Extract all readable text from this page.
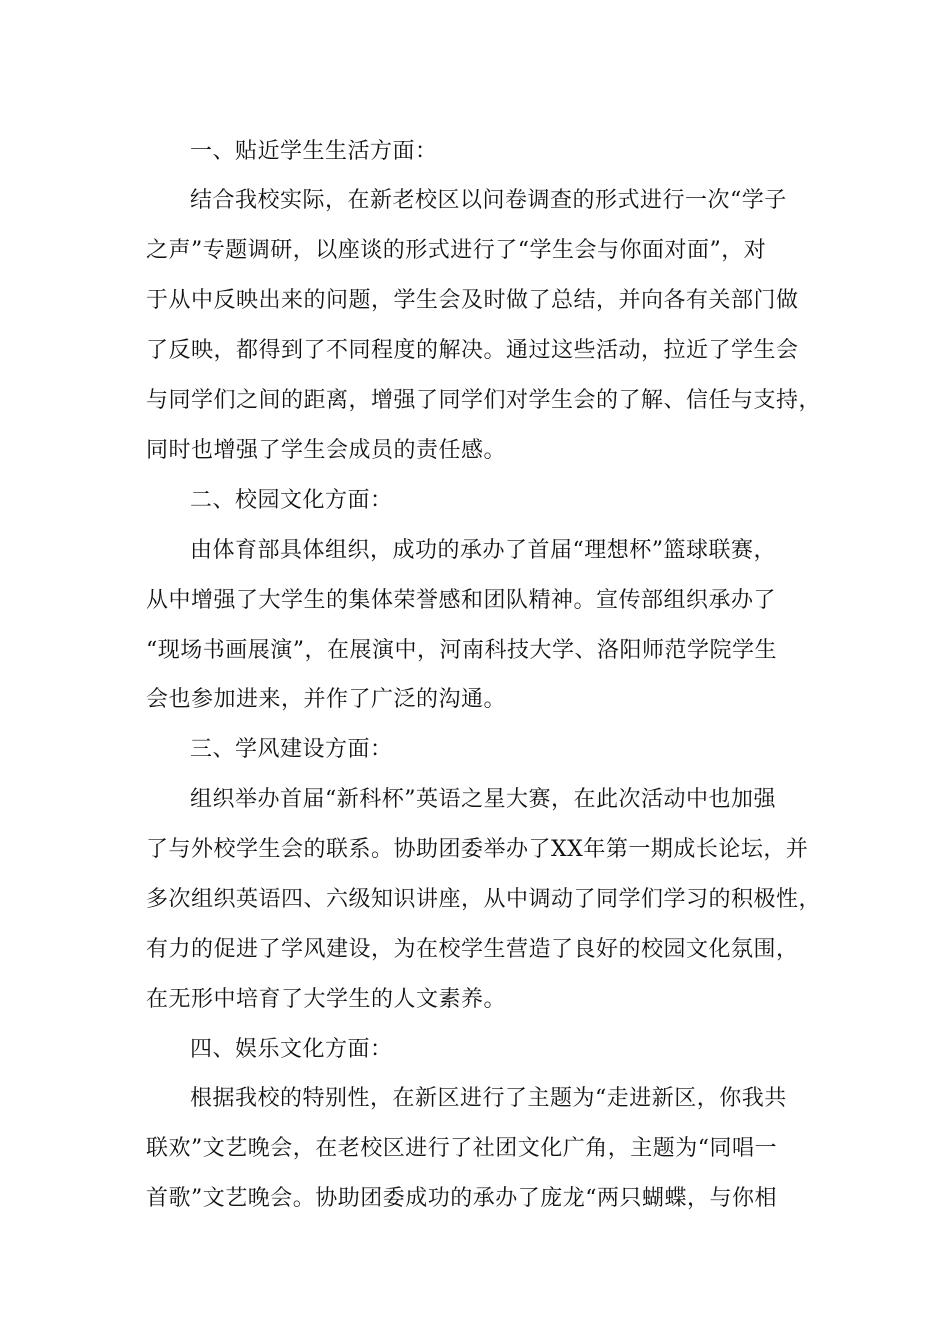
一、贴近学生生活方面：
结合我校实际，在新老校区以问卷调查的形式进行一次“学子
之声”专题调研，以座谈的形式进行了“学生会与你面对面”，对
于从中反映出来的问题，学生会及时做了总结，并向各有关部门做
了反映，都得到了不同程度的解决。通过这些活动，拉近了学生会
与同学们之间的距离，增强了同学们对学生会的了解、信任与支持，
同时也增强了学生会成员的责任感。
二、校园文化方面：
由体育部具体组织，成功的承办了首届“理想杯”篮球联赛，
从中增强了大学生的集体荣誉感和团队精神。宣传部组织承办了
“现场书画展演”，在展演中，河南科技大学、洛阳师范学院学生
会也参加进来，并作了广泛的沟通。
三、学风建设方面：
组织举办首届“新科杯”英语之星大赛，在此次活动中也加强
了与外校学生会的联系。协助团委举办了XX年第一期成长论坛，并
多次组织英语四、六级知识讲座，从中调动了同学们学习的积极性，
有力的促进了学风建设，为在校学生营造了良好的校园文化氛围，
在无形中培育了大学生的人文素养。
四、娱乐文化方面：
根据我校的特别性，在新区进行了主题为“走进新区，你我共
联欢”文艺晚会，在老校区进行了社团文化广角，主题为“同唱一
首歌”文艺晚会。协助团委成功的承办了庞龙“两只蝴蝶，与你相
